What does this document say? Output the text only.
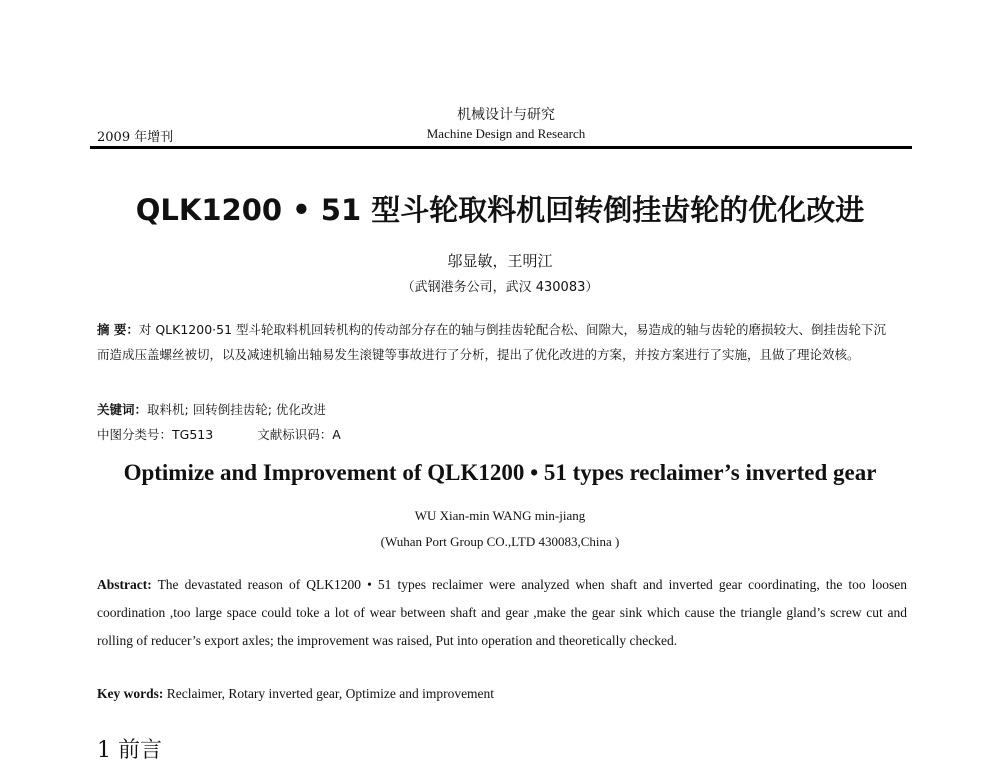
机械设计与研究
2009 年增刊	Machine Design and Research
QLK1200 • 51 型斗轮取料机回转倒挂齿轮的优化改进
邬显敏，王明江
（武钢港务公司，武汉 430083）
摘 要：对 QLK1200·51 型斗轮取料机回转机构的传动部分存在的轴与倒挂齿轮配合松、间隙大，易造成的轴与齿轮的磨损较大、倒挂齿轮下沉而造成压盖螺丝被切，以及减速机输出轴易发生滚键等事故进行了分析，提出了优化改进的方案，并按方案进行了实施，且做了理论效核。
关键词：取料机; 回转倒挂齿轮; 优化改进
中图分类号：TG513	文献标识码：A
Optimize and Improvement of QLK1200 • 51 types reclaimer’s inverted gear
WU Xian-min WANG min-jiang
(Wuhan Port Group CO.,LTD 430083,China )
Abstract: The devastated reason of QLK1200 • 51 types reclaimer were analyzed when shaft and inverted gear coordinating, the too loosen coordination ,too large space could toke a lot of wear between shaft and gear ,make the gear sink which cause the triangle gland’s screw cut and rolling of reducer’s export axles; the improvement was raised, Put into operation and theoretically checked.
Key words: Reclaimer, Rotary inverted gear, Optimize and improvement
1 前言
